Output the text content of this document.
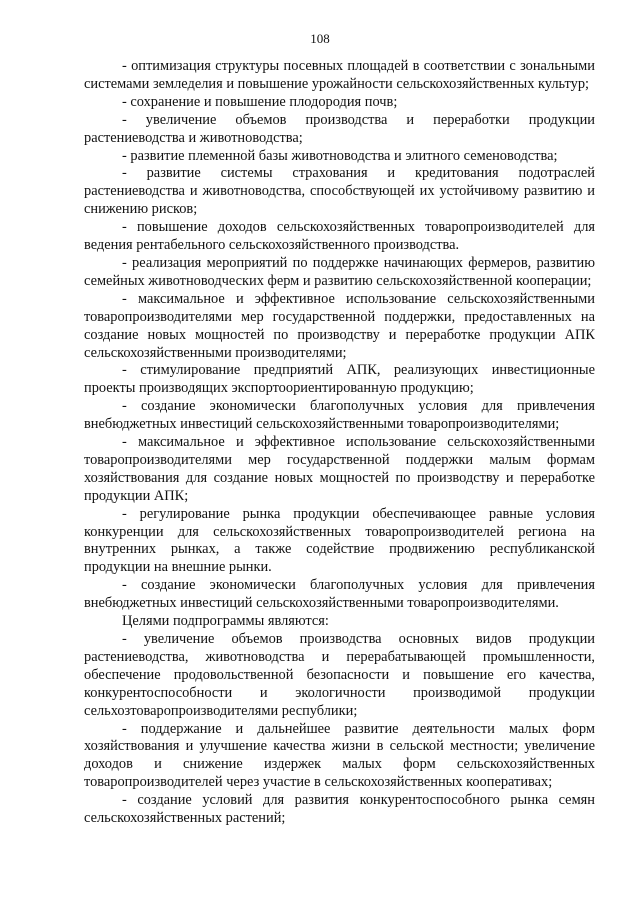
108

- оптимизация структуры посевных площадей в соответствии с зональными системами земледелия и повышение урожайности сельскохозяйственных культур;

- сохранение и повышение плодородия почв;

- увеличение объемов производства и переработки продукции растениеводства и животноводства;

- развитие племенной базы животноводства и элитного семеноводства;

- развитие системы страхования и кредитования подотраслей растениеводства и животноводства, способствующей их устойчивому развитию и снижению рисков;

- повышение доходов сельскохозяйственных товаропроизводителей для ведения рентабельного сельскохозяйственного производства.

- реализация мероприятий по поддержке начинающих фермеров, развитию семейных животноводческих ферм и развитию сельскохозяйственной кооперации;

- максимальное и эффективное использование сельскохозяйственными товаропроизводителями мер государственной поддержки, предоставленных на создание новых мощностей по производству и переработке продукции АПК сельскохозяйственными производителями;

- стимулирование предприятий АПК, реализующих инвестиционные проекты производящих экспортоориентированную продукцию;

- создание экономически благополучных условия для привлечения внебюджетных инвестиций сельскохозяйственными товаропроизводителями;

- максимальное и эффективное использование сельскохозяйственными товаропроизводителями мер государственной поддержки малым формам хозяйствования для создание новых мощностей по производству и переработке продукции АПК;

- регулирование рынка продукции обеспечивающее равные условия конкуренции для сельскохозяйственных товаропроизводителей региона на внутренних рынках, а также содействие продвижению республиканской продукции на внешние рынки.

- создание экономически благополучных условия для привлечения внебюджетных инвестиций сельскохозяйственными товаропроизводителями.

Целями подпрограммы являются:

- увеличение объемов производства основных видов продукции растениеводства, животноводства и перерабатывающей промышленности, обеспечение продовольственной безопасности и повышение его качества, конкурентоспособности и экологичности производимой продукции сельхозтоваропроизводителями республики;

- поддержание и дальнейшее развитие деятельности малых форм хозяйствования и улучшение качества жизни в сельской местности; увеличение доходов и снижение издержек малых форм сельскохозяйственных товаропроизводителей через участие в сельскохозяйственных кооперативах;

- создание условий для развития конкурентоспособного рынка семян сельскохозяйственных растений;
